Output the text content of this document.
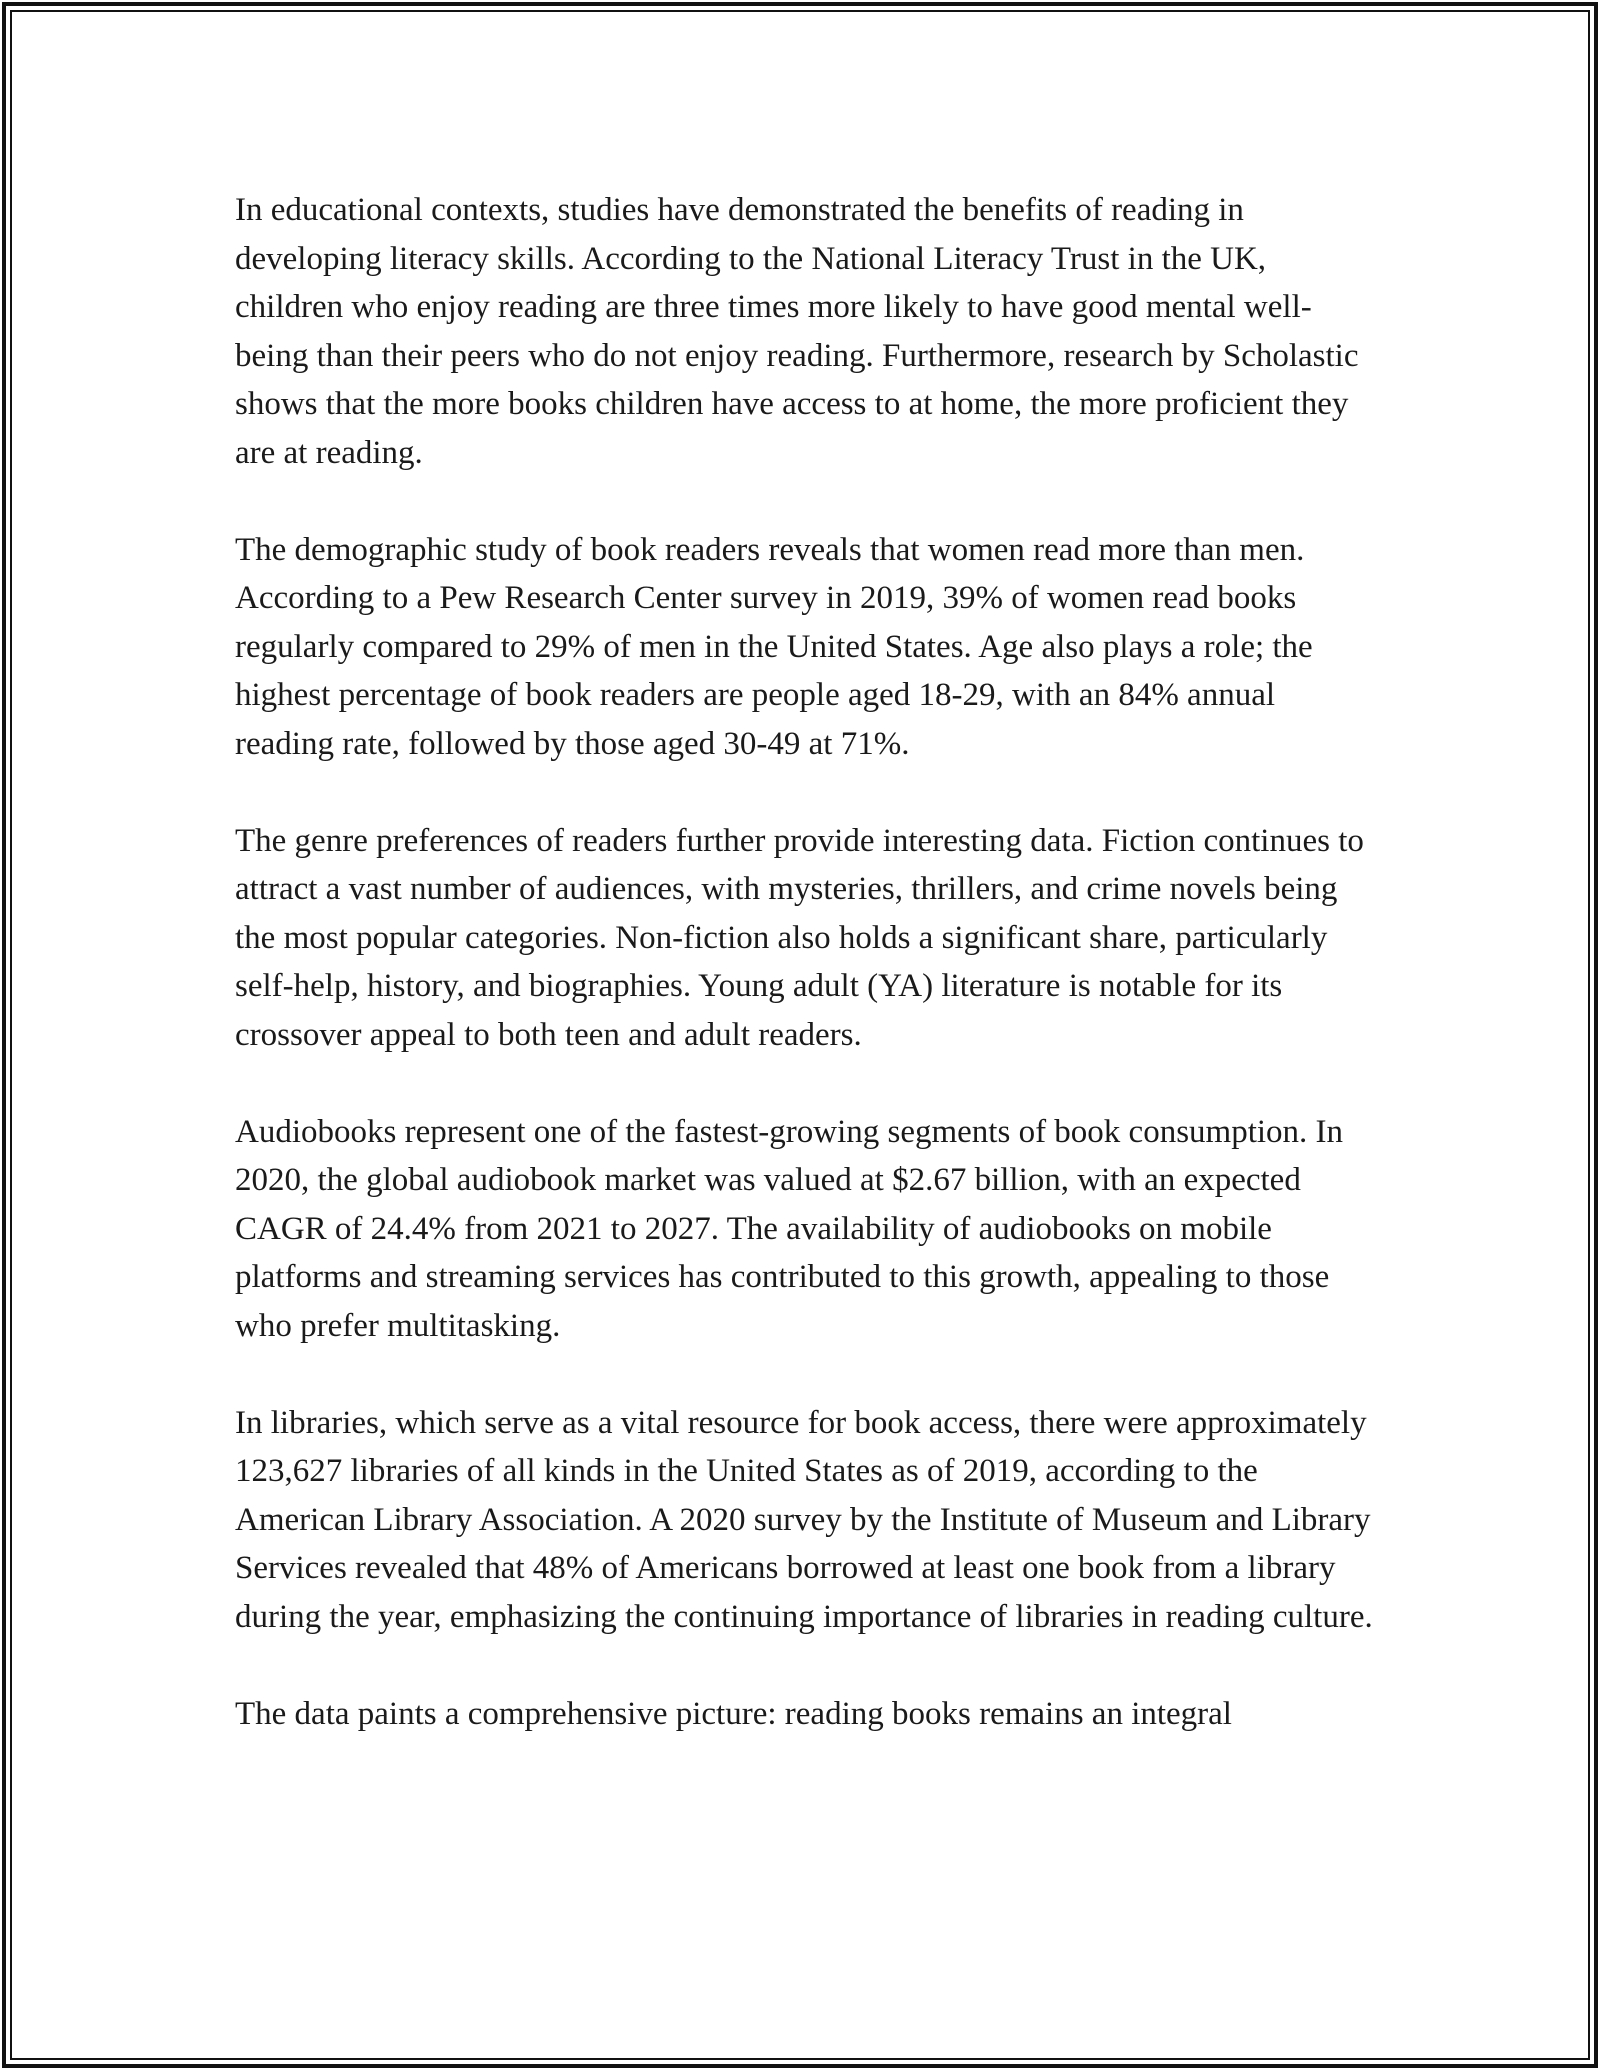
In educational contexts, studies have demonstrated the benefits of reading in developing literacy skills. According to the National Literacy Trust in the UK, children who enjoy reading are three times more likely to have good mental well-being than their peers who do not enjoy reading. Furthermore, research by Scholastic shows that the more books children have access to at home, the more proficient they are at reading.

The demographic study of book readers reveals that women read more than men. According to a Pew Research Center survey in 2019, 39% of women read books regularly compared to 29% of men in the United States. Age also plays a role; the highest percentage of book readers are people aged 18-29, with an 84% annual reading rate, followed by those aged 30-49 at 71%.

The genre preferences of readers further provide interesting data. Fiction continues to attract a vast number of audiences, with mysteries, thrillers, and crime novels being the most popular categories. Non-fiction also holds a significant share, particularly self-help, history, and biographies. Young adult (YA) literature is notable for its crossover appeal to both teen and adult readers.

Audiobooks represent one of the fastest-growing segments of book consumption. In 2020, the global audiobook market was valued at $2.67 billion, with an expected CAGR of 24.4% from 2021 to 2027. The availability of audiobooks on mobile platforms and streaming services has contributed to this growth, appealing to those who prefer multitasking.

In libraries, which serve as a vital resource for book access, there were approximately 123,627 libraries of all kinds in the United States as of 2019, according to the American Library Association. A 2020 survey by the Institute of Museum and Library Services revealed that 48% of Americans borrowed at least one book from a library during the year, emphasizing the continuing importance of libraries in reading culture.

The data paints a comprehensive picture: reading books remains an integral
